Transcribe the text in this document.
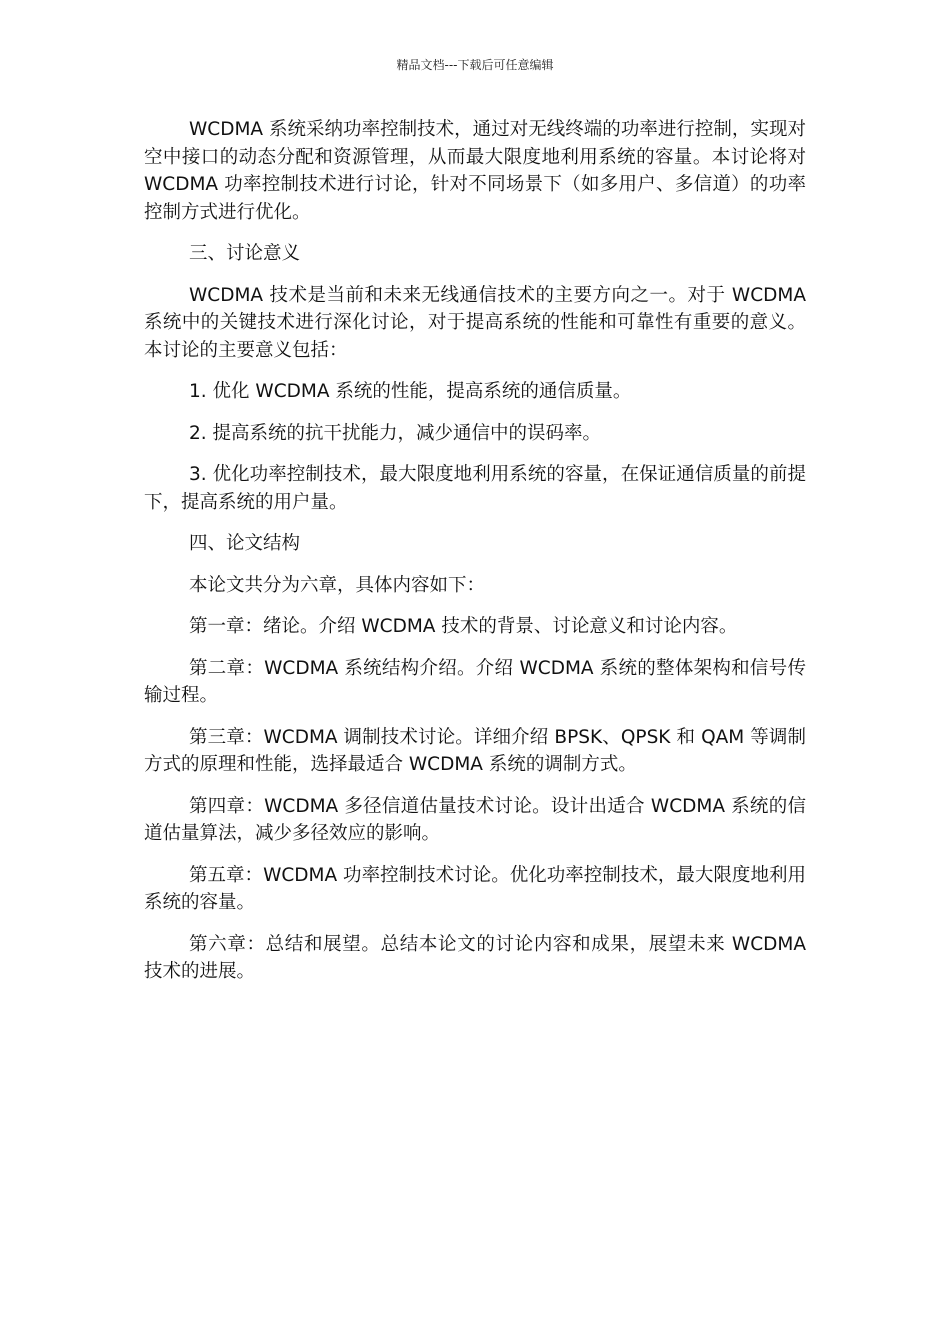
精品文档---下载后可任意编辑

WCDMA 系统采纳功率控制技术，通过对无线终端的功率进行控制，实现对空中接口的动态分配和资源管理，从而最大限度地利用系统的容量。本讨论将对 WCDMA 功率控制技术进行讨论，针对不同场景下（如多用户、多信道）的功率控制方式进行优化。

三、讨论意义

WCDMA 技术是当前和未来无线通信技术的主要方向之一。对于 WCDMA 系统中的关键技术进行深化讨论，对于提高系统的性能和可靠性有重要的意义。本讨论的主要意义包括：

1. 优化 WCDMA 系统的性能，提高系统的通信质量。

2. 提高系统的抗干扰能力，减少通信中的误码率。

3. 优化功率控制技术，最大限度地利用系统的容量，在保证通信质量的前提下，提高系统的用户量。

四、论文结构

本论文共分为六章，具体内容如下：

第一章：绪论。介绍 WCDMA 技术的背景、讨论意义和讨论内容。

第二章：WCDMA 系统结构介绍。介绍 WCDMA 系统的整体架构和信号传输过程。

第三章：WCDMA 调制技术讨论。详细介绍 BPSK、QPSK 和 QAM 等调制方式的原理和性能，选择最适合 WCDMA 系统的调制方式。

第四章：WCDMA 多径信道估量技术讨论。设计出适合 WCDMA 系统的信道估量算法，减少多径效应的影响。

第五章：WCDMA 功率控制技术讨论。优化功率控制技术，最大限度地利用系统的容量。

第六章：总结和展望。总结本论文的讨论内容和成果，展望未来 WCDMA 技术的进展。
